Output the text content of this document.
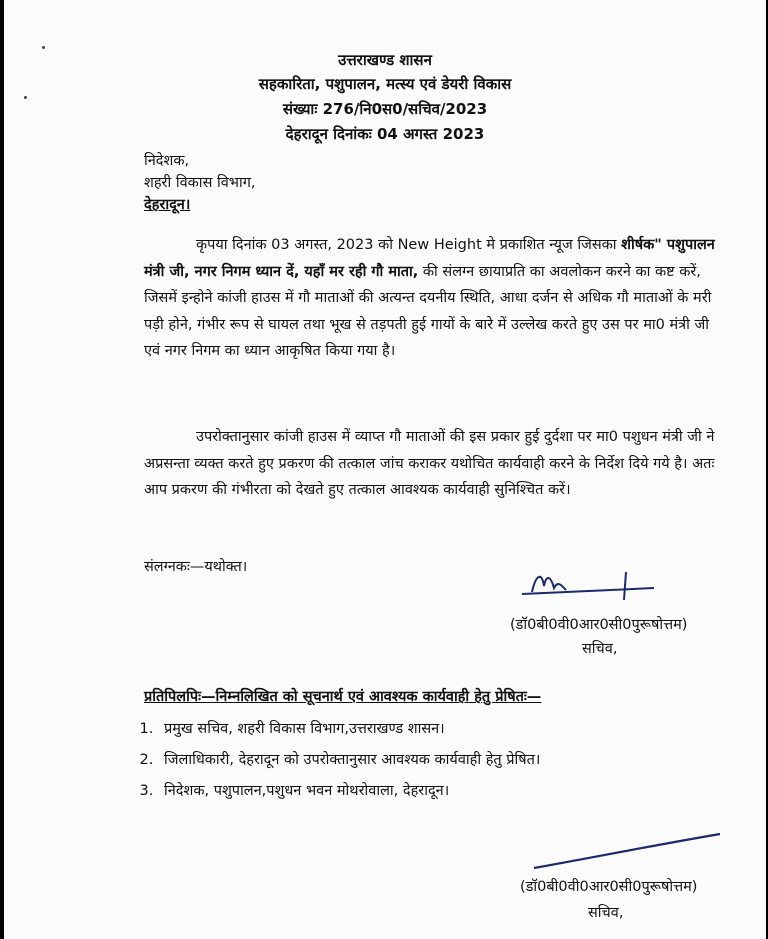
उत्तराखण्ड शासन
सहकारिता, पशुपालन, मत्स्य एवं डेयरी विकास
संख्याः 276/नि0स0/सचिव/2023
देहरादून दिनांकः 04 अगस्त 2023
निदेशक,
शहरी विकास विभाग,
देहरादून।
कृपया दिनांक 03 अगस्त, 2023 को New Height मे प्रकाशित न्यूज जिसका शीर्षक" पशुपालन मंत्री जी, नगर निगम ध्यान दें, यहाँ मर रही गौ माता, की संलग्न छायाप्रति का अवलोकन करने का कष्ट करें, जिसमें इन्होने कांजी हाउस में गौ माताओं की अत्यन्त दयनीय स्थिति, आधा दर्जन से अधिक गौ माताओं के मरी पड़ी होने, गंभीर रूप से घायल तथा भूख से तड़पती हुई गायों के बारे में उल्लेख करते हुए उस पर मा0 मंत्री जी एवं नगर निगम का ध्यान आकृषित किया गया है।
उपरोक्तानुसार कांजी हाउस में व्याप्त गौ माताओं की इस प्रकार हुई दुर्दशा पर मा0 पशुधन मंत्री जी ने अप्रसन्ता व्यक्त करते हुए प्रकरण की तत्काल जांच कराकर यथोचित कार्यवाही करने के निर्देश दिये गये है। अतः आप प्रकरण की गंभीरता को देखते हुए तत्काल आवश्यक कार्यवाही सुनिश्चित करें।
संलग्नकः—यथोक्त।
(डॉ0बी0वी0आर0सी0पुरूषोत्तम)
सचिव,
प्रतिपिलपिः—निम्नलिखित को सूचनार्थ एवं आवश्यक कार्यवाही हेतु प्रेषितः—
1. प्रमुख सचिव, शहरी विकास विभाग,उत्तराखण्ड शासन।
2. जिलाधिकारी, देहरादून को उपरोक्तानुसार आवश्यक कार्यवाही हेतु प्रेषित।
3. निदेशक, पशुपालन,पशुधन भवन मोथरोवाला, देहरादून।
(डॉ0बी0वी0आर0सी0पुरूषोत्तम)
सचिव,
